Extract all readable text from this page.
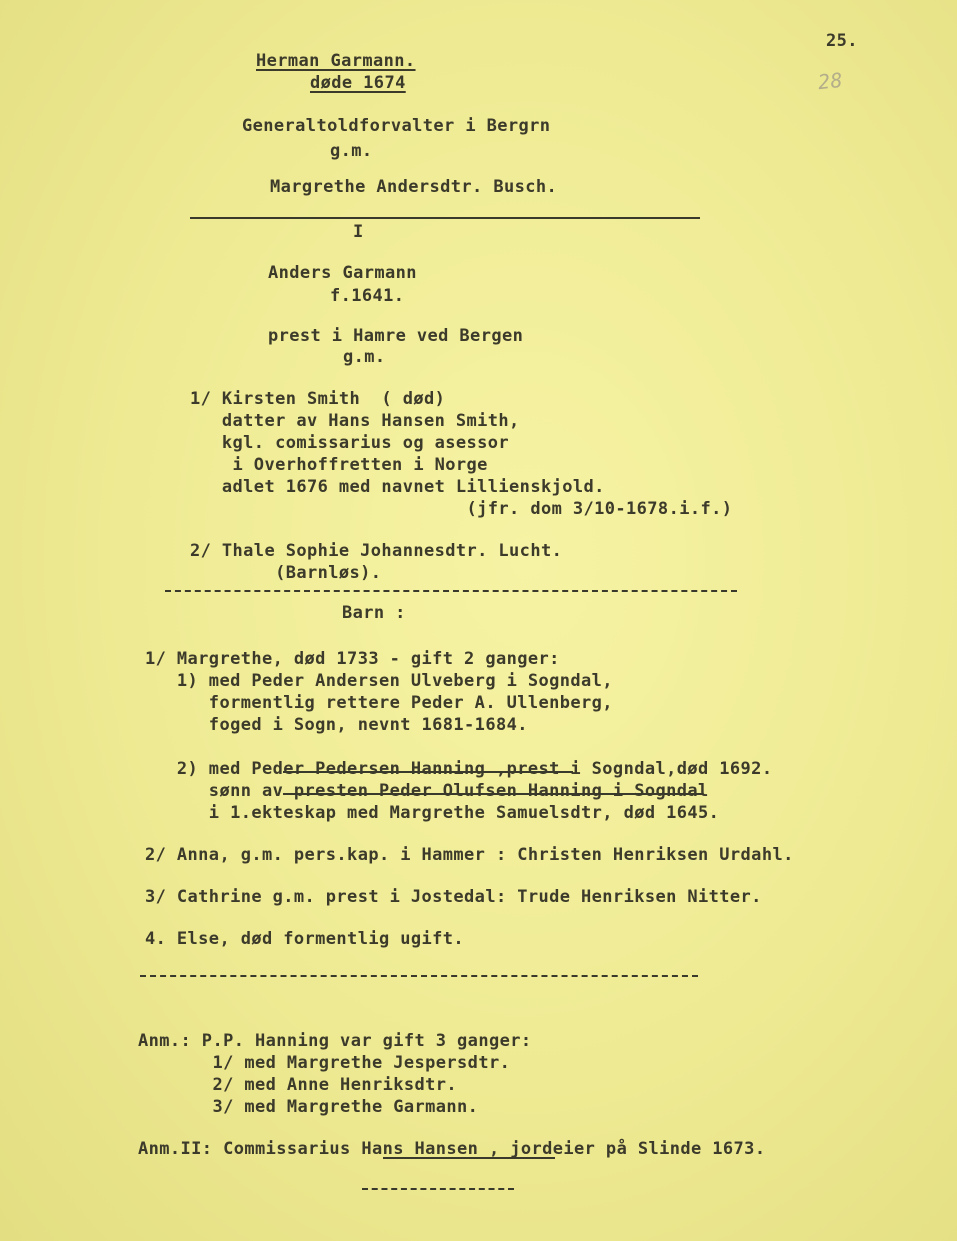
25.
28
Herman Garmann.
døde 1674
Generaltoldforvalter i Bergrn
g.m.
Margrethe Andersdtr. Busch.
I
Anders Garmann
f.1641.
prest i Hamre ved Bergen
g.m.
1/ Kirsten Smith  ( død)
datter av Hans Hansen Smith,
kgl. comissarius og asessor
i Overhoffretten i Norge
adlet 1676 med navnet Lillienskjold.
(jfr. dom 3/10-1678.i.f.)
2/ Thale Sophie Johannesdtr. Lucht.
(Barnløs).
Barn :
1/ Margrethe, død 1733 - gift 2 ganger:
1) med Peder Andersen Ulveberg i Sogndal,
formentlig rettere Peder A. Ullenberg,
foged i Sogn, nevnt 1681-1684.
2) med Peder Pedersen Hanning ,prest i Sogndal,død 1692.
sønn av presten Peder Olufsen Hanning i Sogndal
i 1.ekteskap med Margrethe Samuelsdtr, død 1645.
2/ Anna, g.m. pers.kap. i Hammer : Christen Henriksen Urdahl.
3/ Cathrine g.m. prest i Jostedal: Trude Henriksen Nitter.
4. Else, død formentlig ugift.
Anm.: P.P. Hanning var gift 3 ganger:
1/ med Margrethe Jespersdtr.
2/ med Anne Henriksdtr.
3/ med Margrethe Garmann.
Anm.II: Commissarius Hans Hansen , jordeier på Slinde 1673.
